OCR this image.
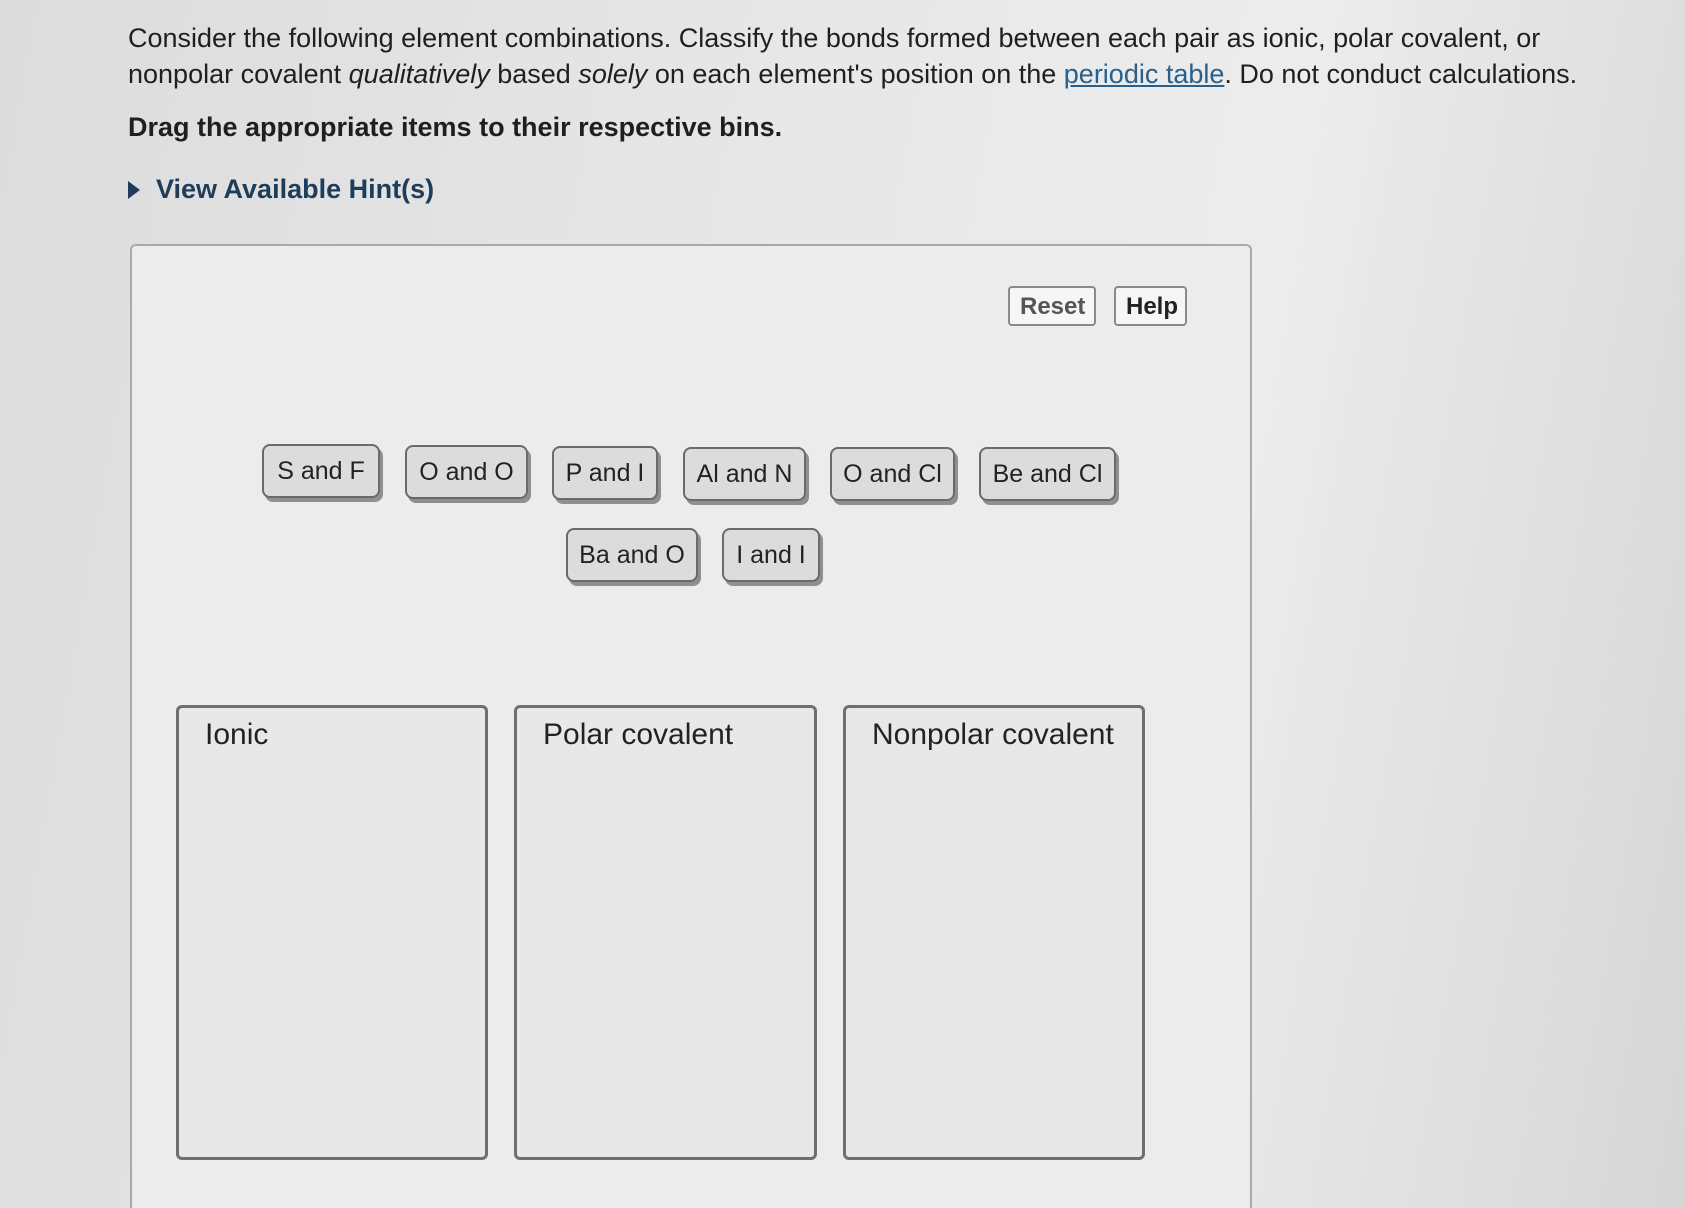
Consider the following element combinations. Classify the bonds formed between each pair as ionic, polar covalent, or nonpolar covalent qualitatively based solely on each element's position on the periodic table. Do not conduct calculations.
Drag the appropriate items to their respective bins.
View Available Hint(s)
Reset	Help
S and F	O and O	P and I	Al and N	O and Cl	Be and Cl
Ba and O	I and I
Ionic	Polar covalent	Nonpolar covalent
